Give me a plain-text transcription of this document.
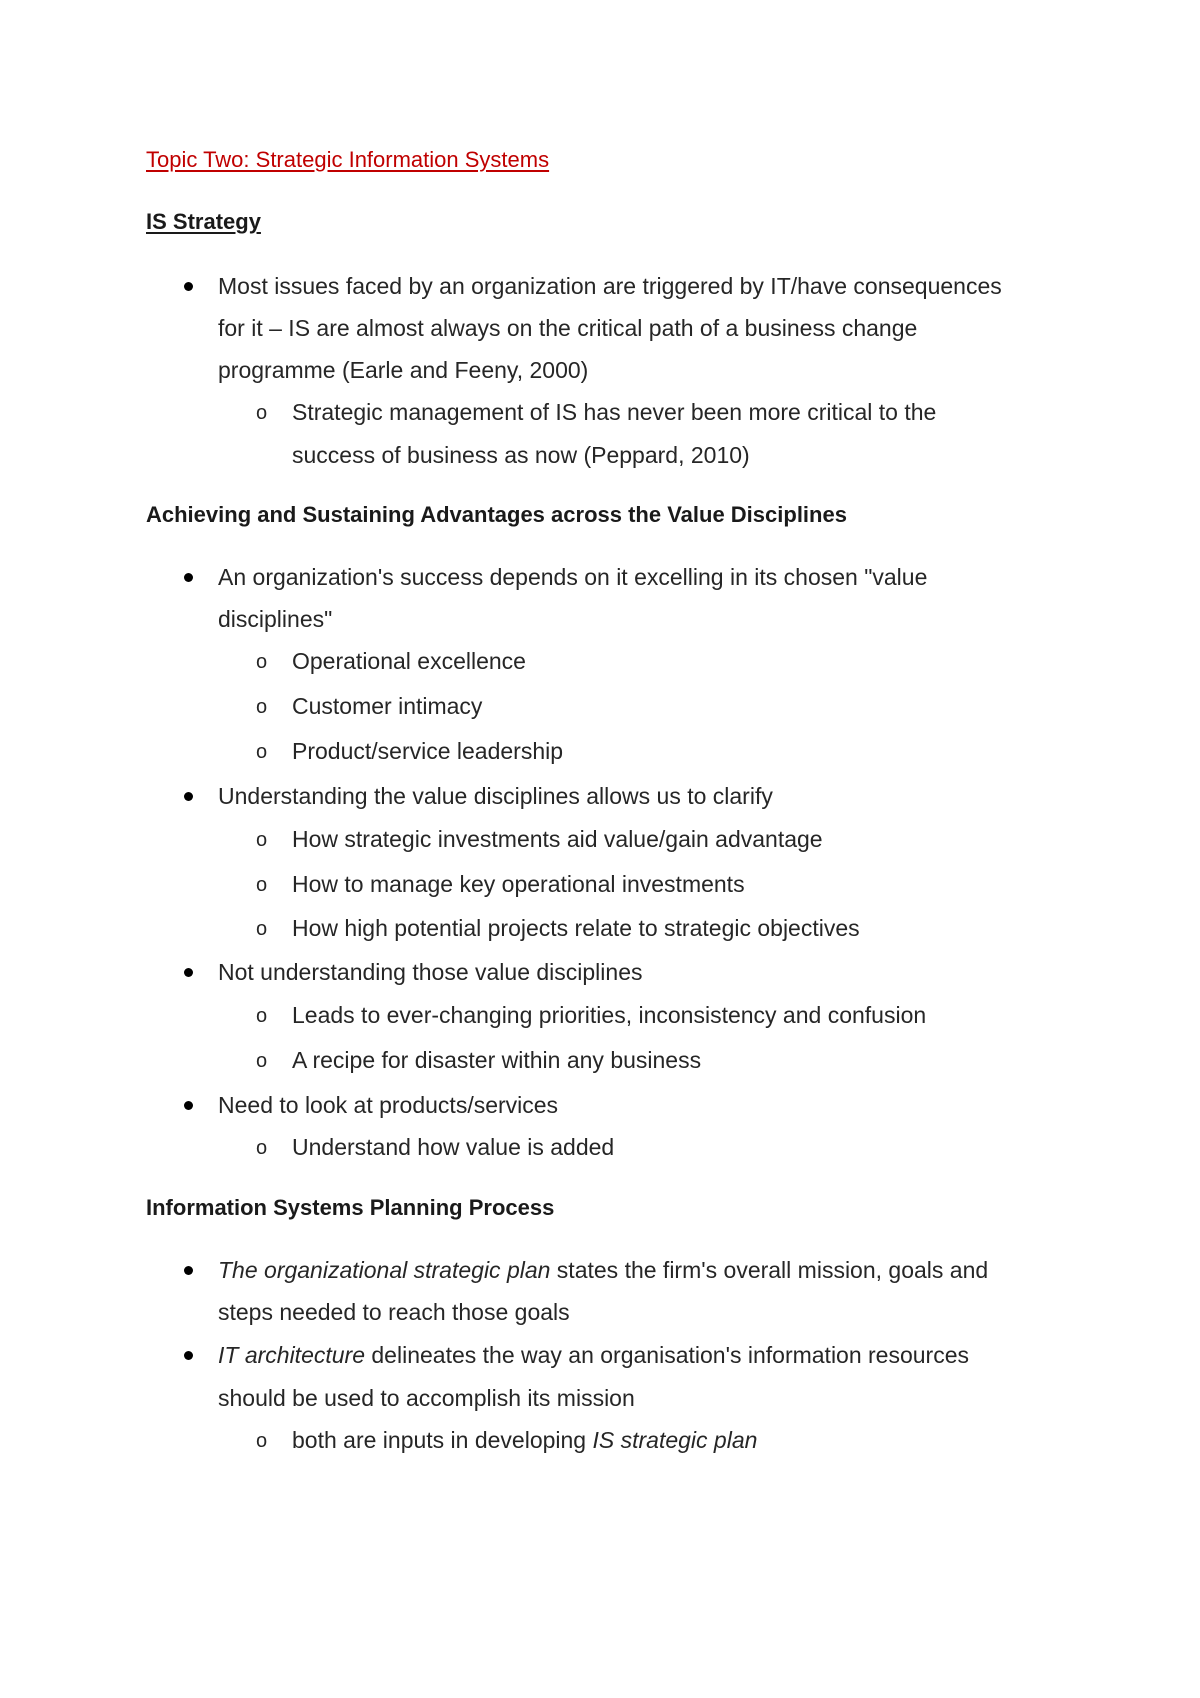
Topic Two: Strategic Information Systems
IS Strategy
Most issues faced by an organization are triggered by IT/have consequences
for it – IS are almost always on the critical path of a business change
programme (Earle and Feeny, 2000)
o Strategic management of IS has never been more critical to the
success of business as now (Peppard, 2010)
Achieving and Sustaining Advantages across the Value Disciplines
An organization's success depends on it excelling in its chosen "value
disciplines"
o Operational excellence
o Customer intimacy
o Product/service leadership
Understanding the value disciplines allows us to clarify
o How strategic investments aid value/gain advantage
o How to manage key operational investments
o How high potential projects relate to strategic objectives
Not understanding those value disciplines
o Leads to ever-changing priorities, inconsistency and confusion
o A recipe for disaster within any business
Need to look at products/services
o Understand how value is added
Information Systems Planning Process
The organizational strategic plan states the firm's overall mission, goals and
steps needed to reach those goals
IT architecture delineates the way an organisation's information resources
should be used to accomplish its mission
o both are inputs in developing IS strategic plan
